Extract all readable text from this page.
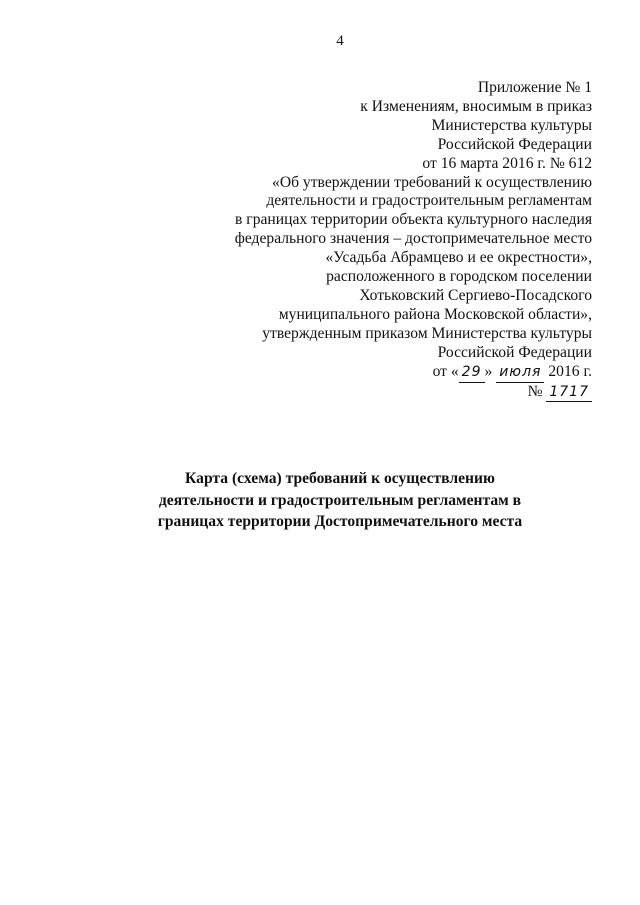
4
Приложение № 1
к Изменениям, вносимым в приказ
Министерства культуры
Российской Федерации
от 16 марта 2016 г. № 612
«Об утверждении требований к осуществлению
деятельности и градостроительным регламентам
в границах территории объекта культурного наследия
федерального значения – достопримечательное место
«Усадьба Абрамцево и ее окрестности»,
расположенного в городском поселении
Хотьковский Сергиево-Посадского
муниципального района Московской области»,
утвержденным приказом Министерства культуры
Российской Федерации
от « 29 » июля 2016 г.
№ 1717
Карта (схема) требований к осуществлению
деятельности и градостроительным регламентам в
границах территории Достопримечательного места
